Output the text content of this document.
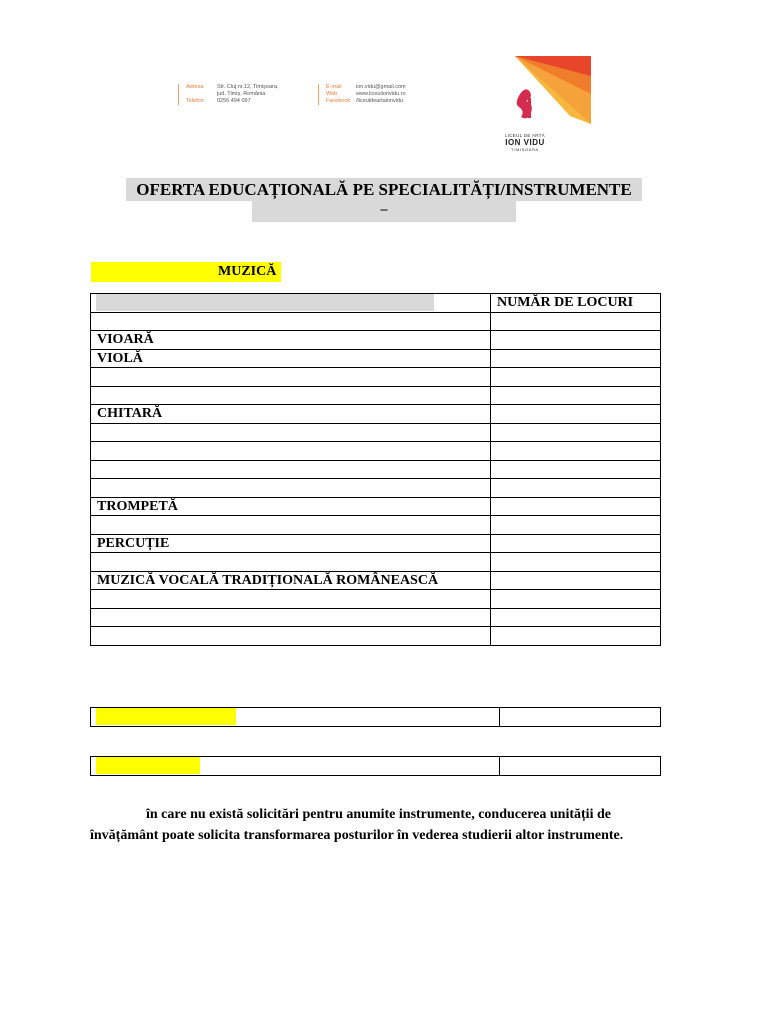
Adresa	Str. Cluj nr.12, Timișoara,
jud. Timiș, România
Telefon	0256 494 097
E-mail	ion.vidu@gmail.com
Web	www.liceulionvidu.ro
Facebook	/liceuldeartaionvidu
LICEUL DE ARTĂ
ION VIDU
TIMIȘOARA
OFERTA EDUCAȚIONALĂ PE SPECIALITĂȚI/INSTRUMENTE
–
MUZICĂ
	NUMĂR DE LOCURI

VIOARĂ	
VIOLĂ	

CHITARĂ	

TROMPETĂ	

PERCUȚIE	

MUZICĂ VOCALĂ TRADIȚIONALĂ ROMÂNEASCĂ	

în care nu există solicitări pentru anumite instrumente, conducerea unității de învățământ poate solicita transformarea posturilor în vederea studierii altor instrumente.
